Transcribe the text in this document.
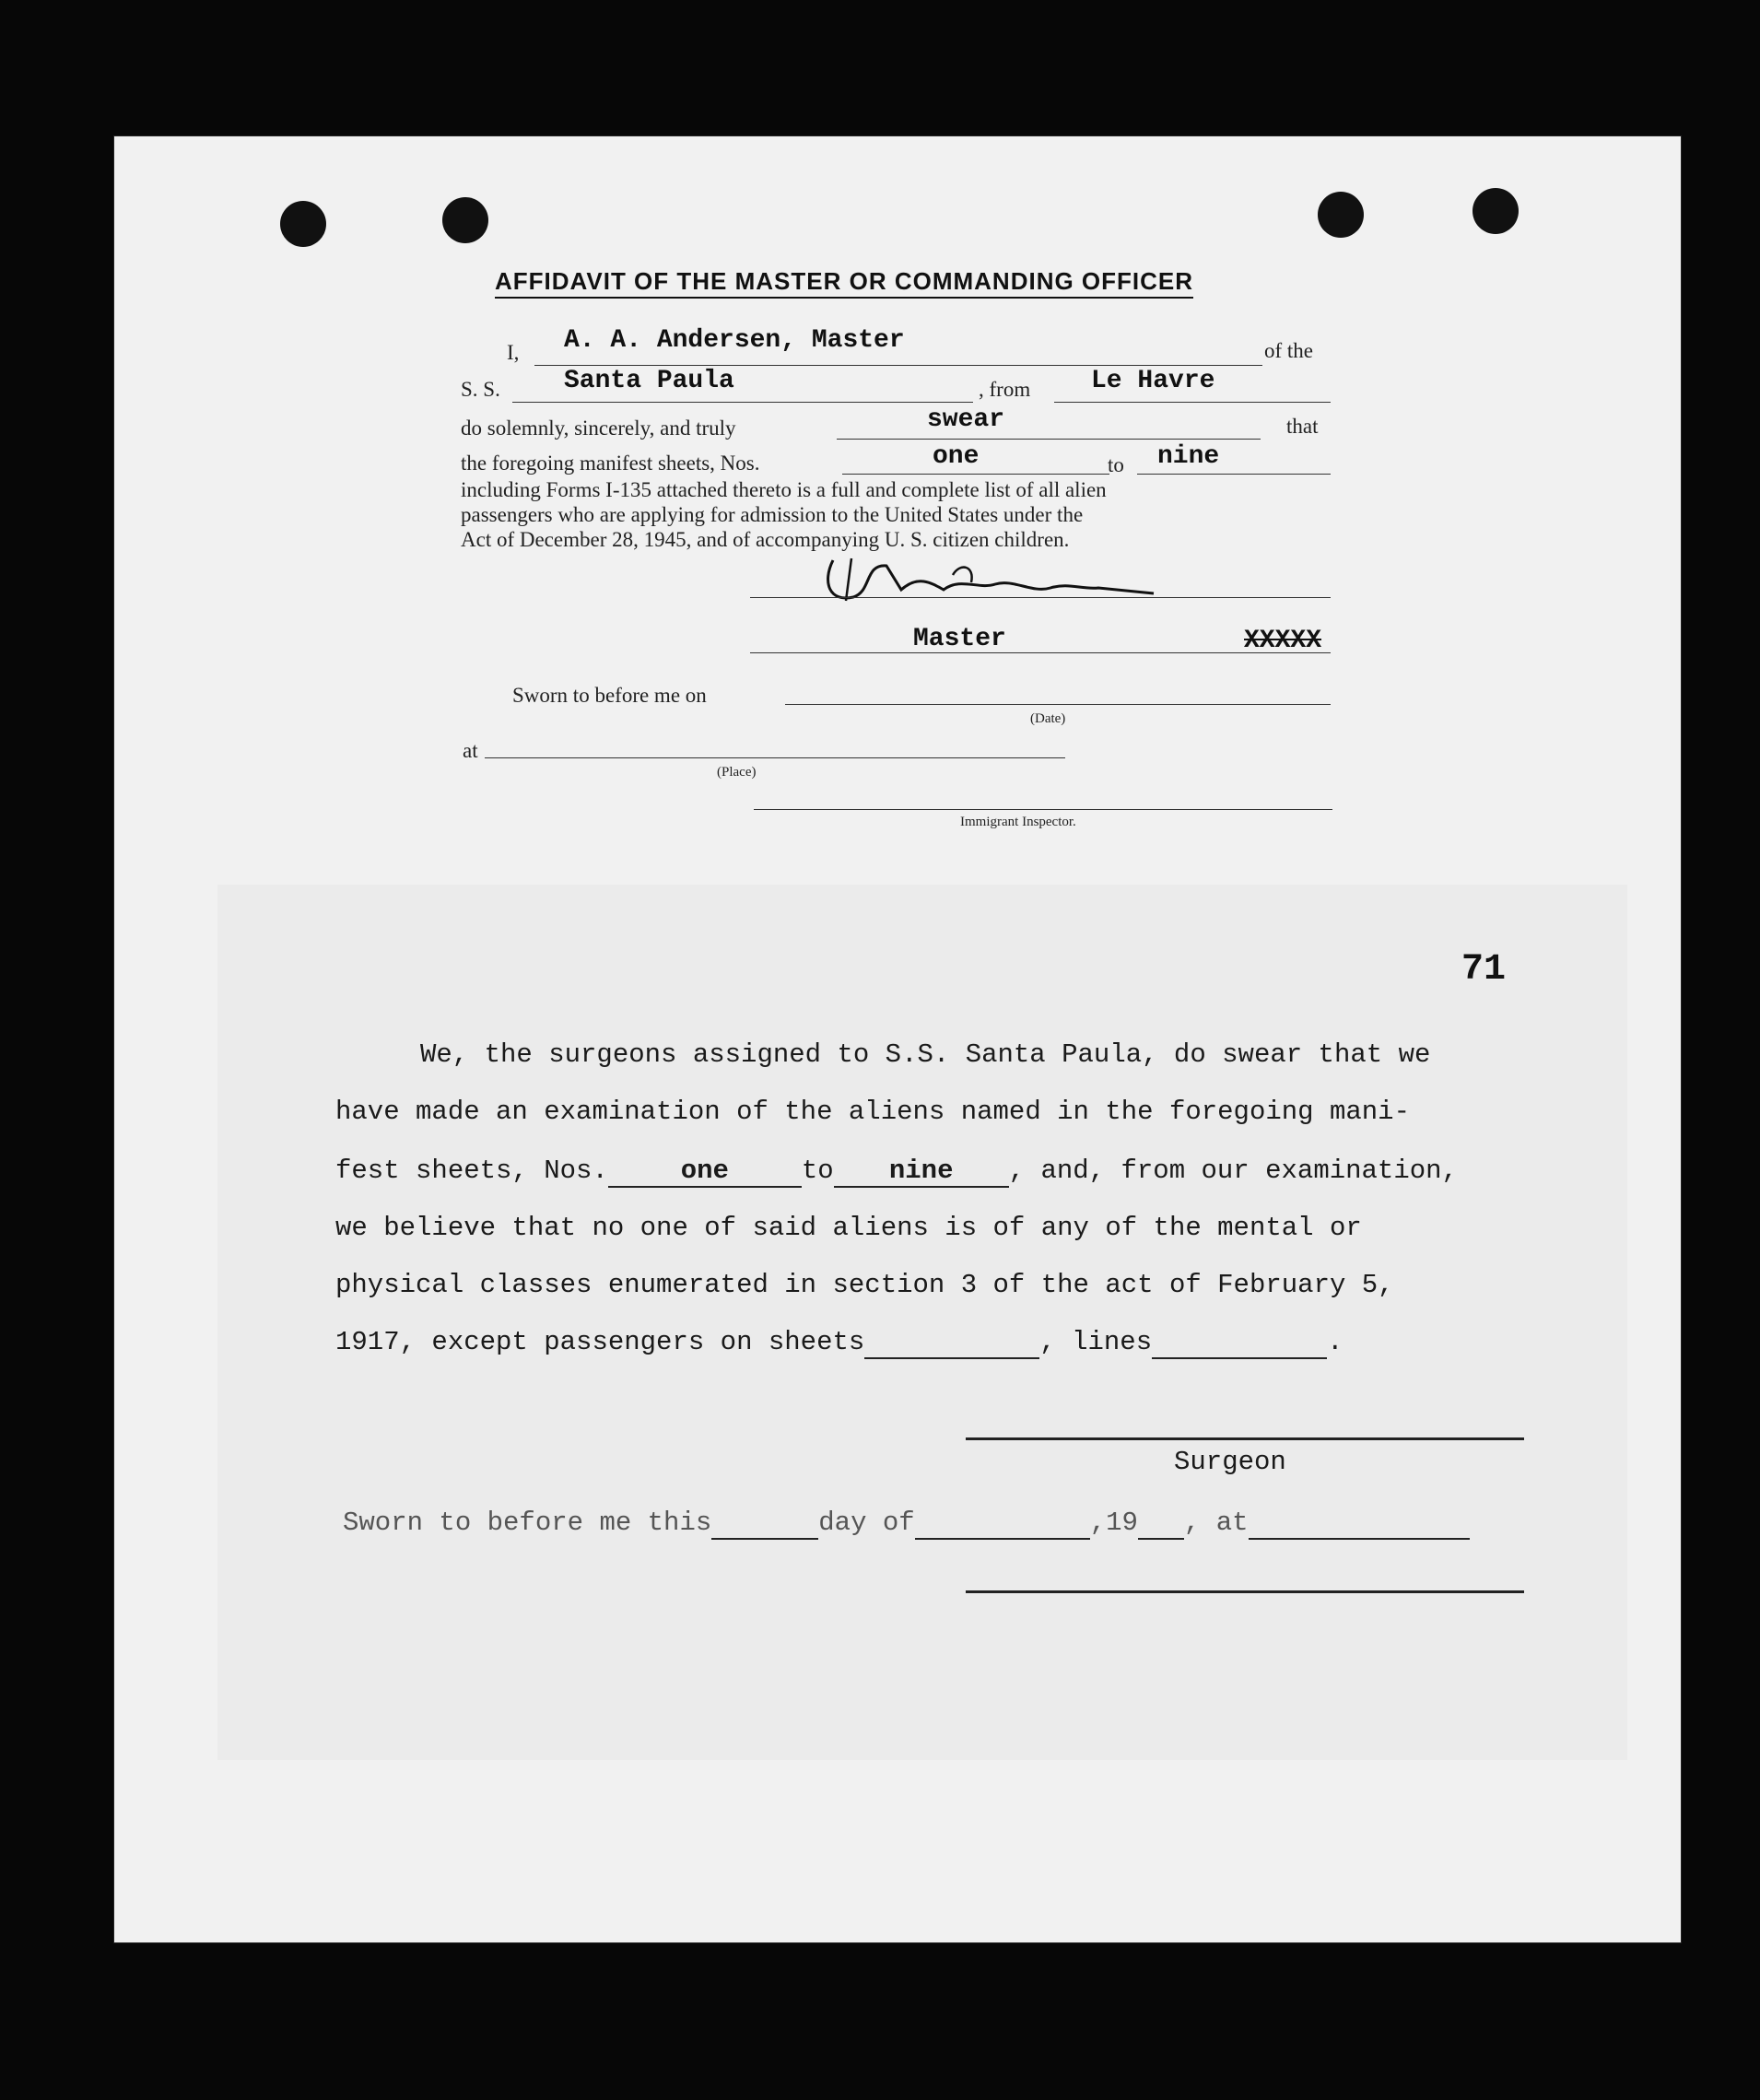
AFFIDAVIT OF THE MASTER OR COMMANDING OFFICER
I, A. A. Andersen, Master	of the
S. S. Santa Paula	, from Le Havre
do solemnly, sincerely, and truly	swear	that
the foregoing manifest sheets, Nos.	one	to nine
including Forms I-135 attached thereto is a full and complete list of all alien
passengers who are applying for admission to the United States under the
Act of December 28, 1945, and of accompanying U. S. citizen children.
Master	XXXXX
Sworn to before me on
(Date)
at
(Place)
Immigrant Inspector.
71
We, the surgeons assigned to S.S. Santa Paula, do swear that we
have made an examination of the aliens named in the foregoing mani-
fest sheets, Nos.	one	to nine , and, from our examination,
we believe that no one of said aliens is of any of the mental or
physical classes enumerated in section 3 of the act of February 5,
1917, except passengers on sheets	, lines	.
Surgeon
Sworn to before me this	day of	,19 , at
